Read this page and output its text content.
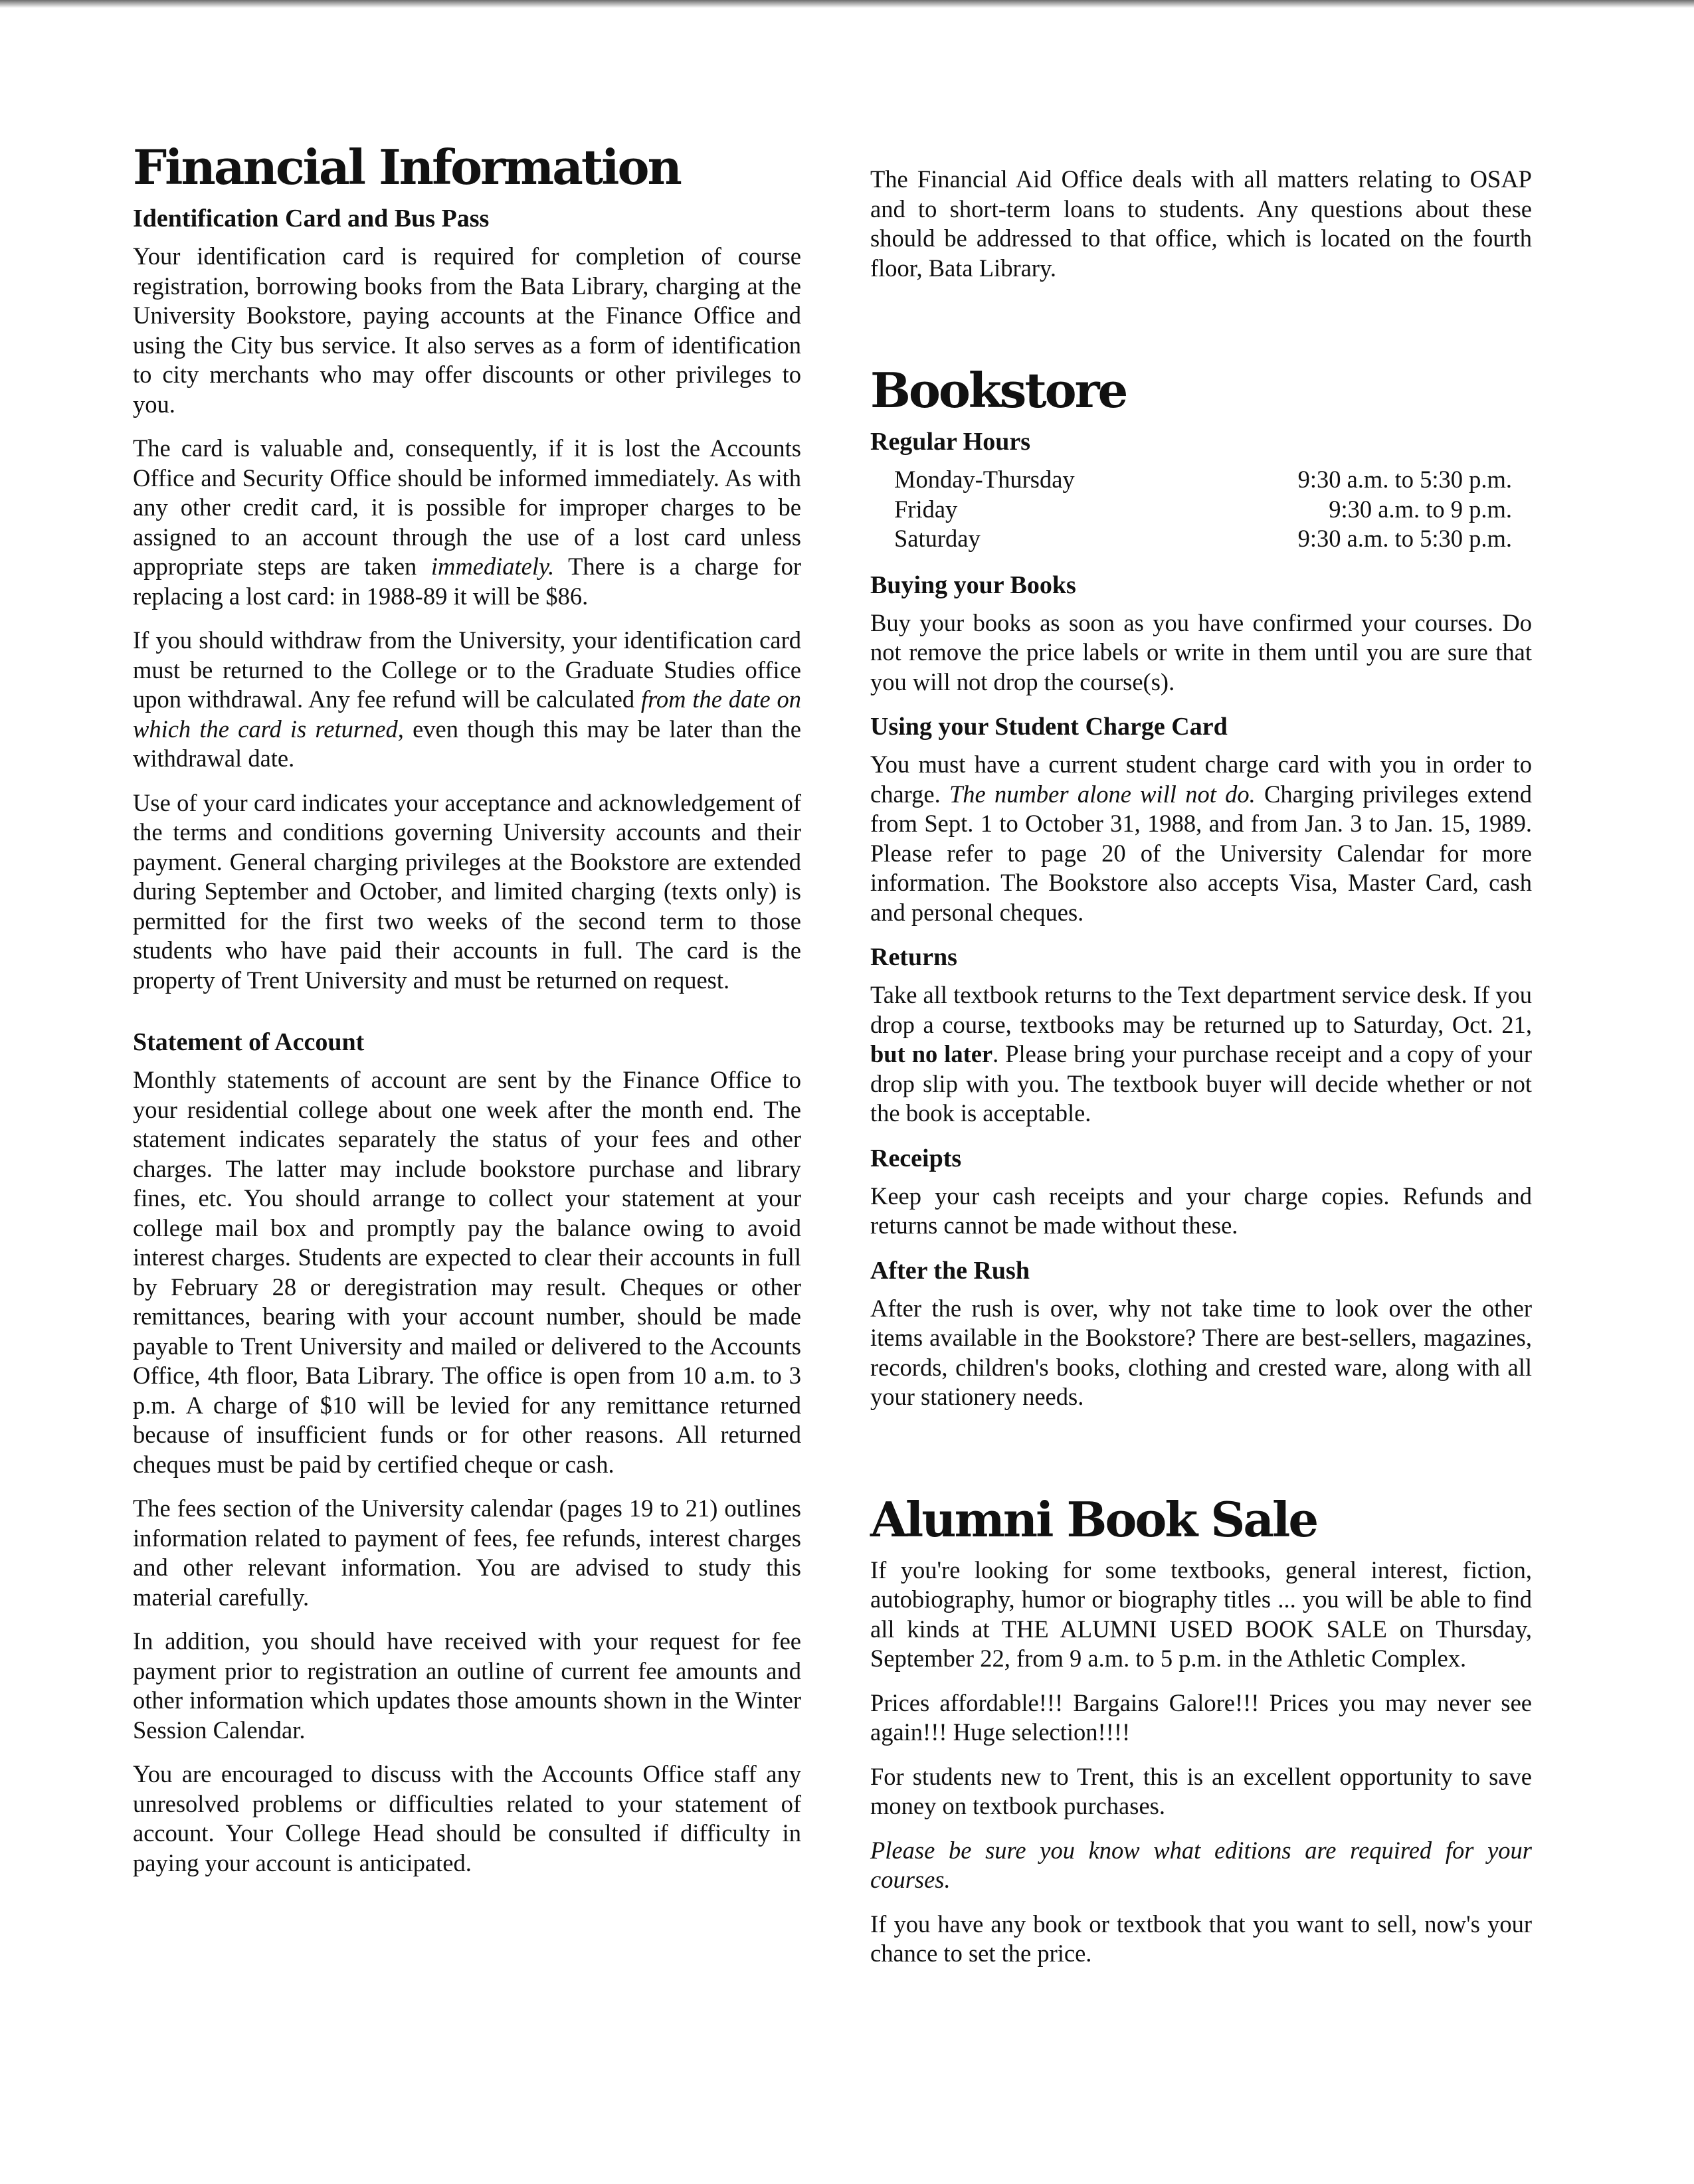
Financial Information
Identification Card and Bus Pass

Your identification card is required for completion of course registration, borrowing books from the Bata Library, charging at the University Bookstore, paying accounts at the Finance Office and using the City bus service. It also serves as a form of identification to city merchants who may offer discounts or other privileges to you.

The card is valuable and, consequently, if it is lost the Accounts Office and Security Office should be informed immediately. As with any other credit card, it is possible for improper charges to be assigned to an account through the use of a lost card unless appropriate steps are taken immediately. There is a charge for replacing a lost card: in 1988-89 it will be $86.

If you should withdraw from the University, your identification card must be returned to the College or to the Graduate Studies office upon withdrawal. Any fee refund will be calculated from the date on which the card is returned, even though this may be later than the withdrawal date.

Use of your card indicates your acceptance and acknowledgement of the terms and conditions governing University accounts and their payment. General charging privileges at the Bookstore are extended during September and October, and limited charging (texts only) is permitted for the first two weeks of the second term to those students who have paid their accounts in full. The card is the property of Trent University and must be returned on request.

Statement of Account

Monthly statements of account are sent by the Finance Office to your residential college about one week after the month end. The statement indicates separately the status of your fees and other charges. The latter may include bookstore purchase and library fines, etc. You should arrange to collect your statement at your college mail box and promptly pay the balance owing to avoid interest charges. Students are expected to clear their accounts in full by February 28 or deregistration may result. Cheques or other remittances, bearing with your account number, should be made payable to Trent University and mailed or delivered to the Accounts Office, 4th floor, Bata Library. The office is open from 10 a.m. to 3 p.m. A charge of $10 will be levied for any remittance returned because of insufficient funds or for other reasons. All returned cheques must be paid by certified cheque or cash.

The fees section of the University calendar (pages 19 to 21) outlines information related to payment of fees, fee refunds, interest charges and other relevant information. You are advised to study this material carefully.

In addition, you should have received with your request for fee payment prior to registration an outline of current fee amounts and other information which updates those amounts shown in the Winter Session Calendar.

You are encouraged to discuss with the Accounts Office staff any unresolved problems or difficulties related to your statement of account. Your College Head should be consulted if difficulty in paying your account is anticipated.

The Financial Aid Office deals with all matters relating to OSAP and to short-term loans to students. Any questions about these should be addressed to that office, which is located on the fourth floor, Bata Library.

Bookstore
Regular Hours
Monday-Thursday	9:30 a.m. to 5:30 p.m.
Friday	9:30 a.m. to 9 p.m.
Saturday	9:30 a.m. to 5:30 p.m.
Buying your Books

Buy your books as soon as you have confirmed your courses. Do not remove the price labels or write in them until you are sure that you will not drop the course(s).

Using your Student Charge Card

You must have a current student charge card with you in order to charge. The number alone will not do. Charging privileges extend from Sept. 1 to October 31, 1988, and from Jan. 3 to Jan. 15, 1989. Please refer to page 20 of the University Calendar for more information. The Bookstore also accepts Visa, Master Card, cash and personal cheques.

Returns

Take all textbook returns to the Text department service desk. If you drop a course, textbooks may be returned up to Saturday, Oct. 21, but no later. Please bring your purchase receipt and a copy of your drop slip with you. The textbook buyer will decide whether or not the book is acceptable.

Receipts

Keep your cash receipts and your charge copies. Refunds and returns cannot be made without these.

After the Rush

After the rush is over, why not take time to look over the other items available in the Bookstore? There are best-sellers, magazines, records, children's books, clothing and crested ware, along with all your stationery needs.

Alumni Book Sale

If you're looking for some textbooks, general interest, fiction, autobiography, humor or biography titles ... you will be able to find all kinds at THE ALUMNI USED BOOK SALE on Thursday, September 22, from 9 a.m. to 5 p.m. in the Athletic Complex.

Prices affordable!!! Bargains Galore!!! Prices you may never see again!!! Huge selection!!!!

For students new to Trent, this is an excellent opportunity to save money on textbook purchases.

Please be sure you know what editions are required for your courses.

If you have any book or textbook that you want to sell, now's your chance to set the price.
